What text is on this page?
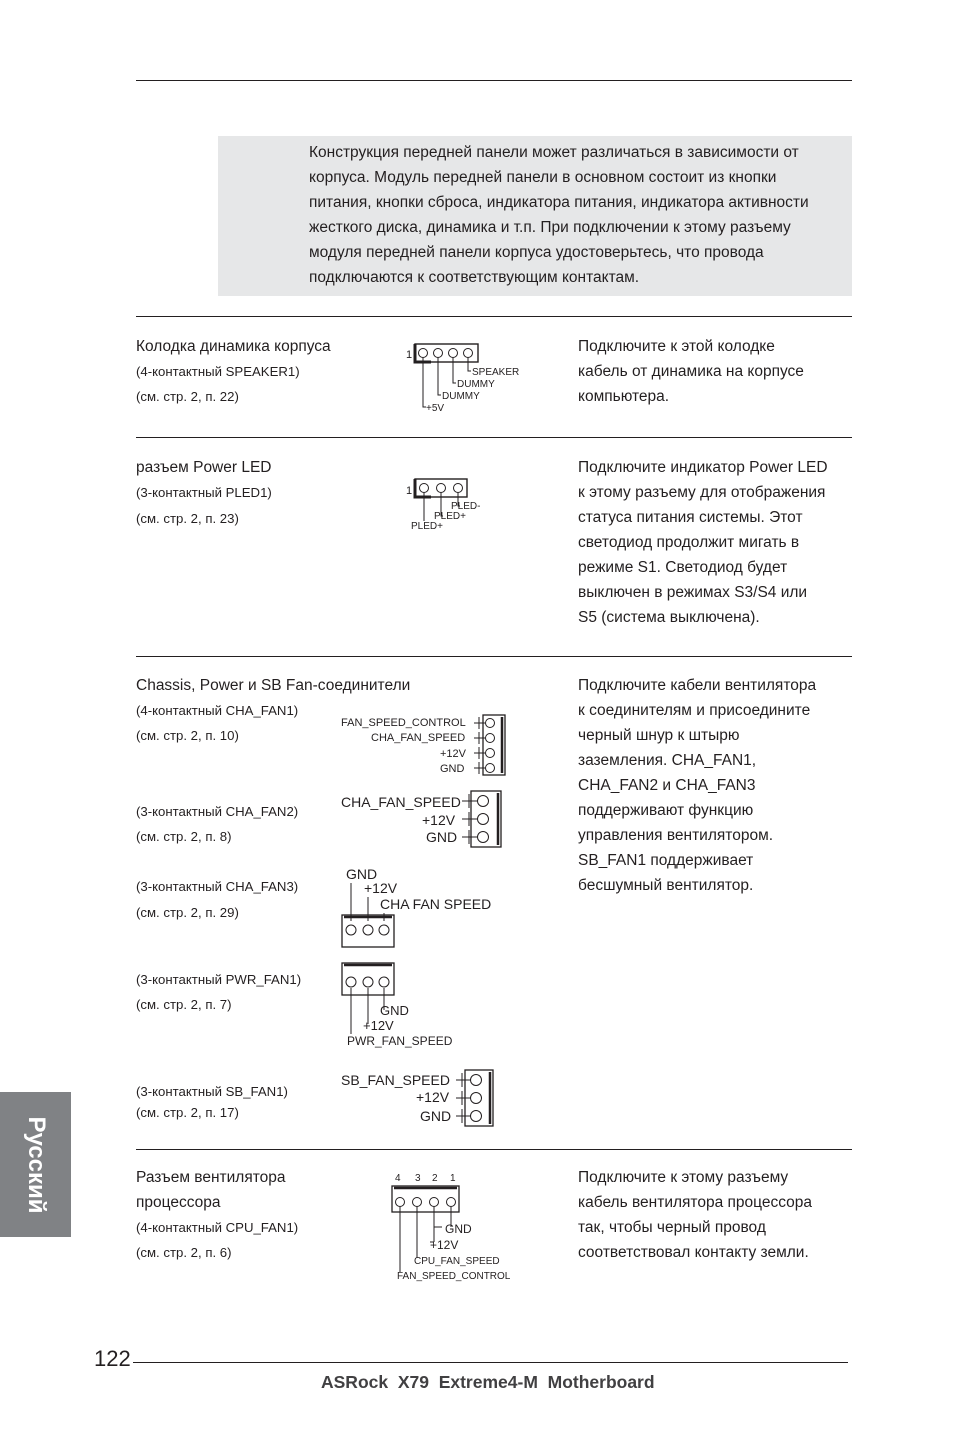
Конструкция передней панели может различаться в зависимости от

корпуса. Модуль передней панели в основном состоит из кнопки

питания, кнопки сброса, индикатора питания, индикатора активности

жесткого диска, динамика и т.п. При подключении к этому разъему

модуля передней панели корпуса удостоверьтесь, что провода

подключаются к соответствующим контактам.

Колодка динамика корпуса
(4-контактный SPEAKER1)
(см. стр. 2, п. 22)
1
SPEAKER
DUMMY
DUMMY
+5V

Подключите к этой колодке

кабель от динамика на корпусе

компьютера.

разъем Power LED
(3-контактный PLED1)
(см. стр. 2, п. 23)
1
PLED-
PLED+
PLED+

Подключите индикатор Power LED

к этому разъему для отображения

статуса питания системы. Этот

светодиод продолжит мигать в

режиме S1. Светодиод будет

выключен в режимах S3/S4 или

S5 (система выключена).

Chassis, Power и SB Fan-соединители
(4-контактный CHA_FAN1)
(см. стр. 2, п. 10)
(3-контактный CHA_FAN2)
(см. стр. 2, п. 8)
(3-контактный CHA_FAN3)
(см. стр. 2, п. 29)
(3-контактный PWR_FAN1)
(см. стр. 2, п. 7)
(3-контактный SB_FAN1)
(см. стр. 2, п. 17)
FAN_SPEED_CONTROL
CHA_FAN_SPEED
+12V
GND
CHA_FAN_SPEED
+12V
GND
GND
+12V
CHA FAN SPEED
GND
+12V
PWR_FAN_SPEED
SB_FAN_SPEED
+12V
GND

Подключите кабели вентилятора

к соединителям и присоедините

черный шнур к штырю

заземления. CHA_FAN1,

CHA_FAN2 и CHA_FAN3

поддерживают функцию

управления вентилятором.

SB_FAN1 поддерживает

бесшумный вентилятор.

Разъем вентилятора
процессора
(4-контактный CPU_FAN1)
(см. стр. 2, п. 6)
4 3 2 1
GND
+12V
CPU_FAN_SPEED
FAN_SPEED_CONTROL

Подключите к этому разъему

кабель вентилятора процессора

так, чтобы черный провод

соответствовал контакту земли.

Русский
122
ASRock  X79  Extreme4-M  Motherboard
